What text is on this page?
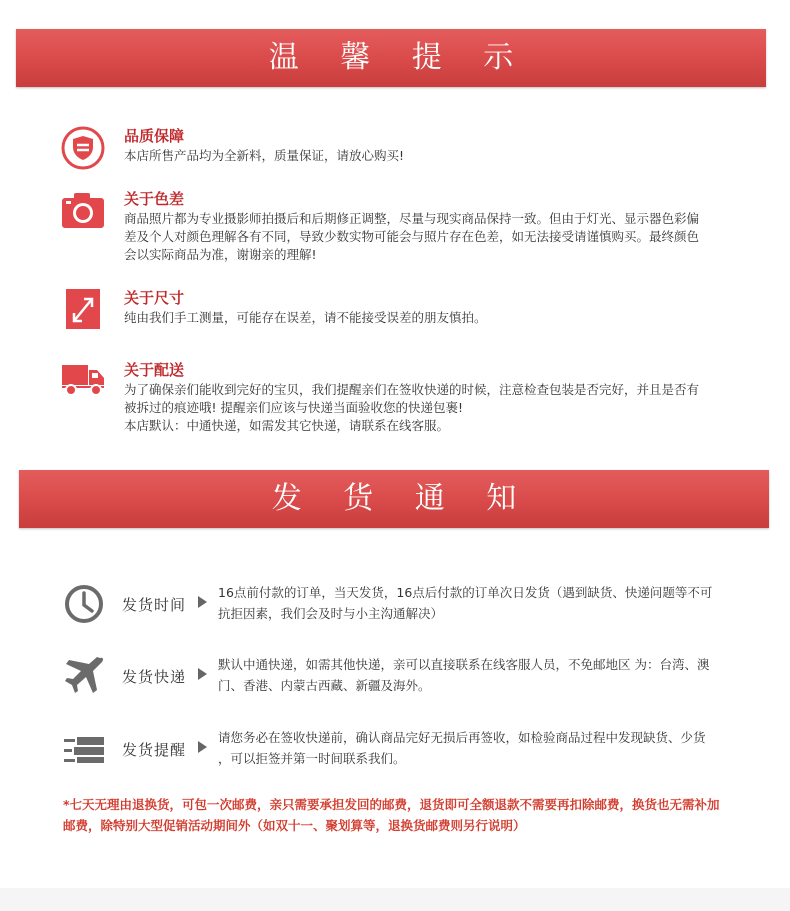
温 馨 提 示
品质保障
本店所售产品均为全新料，质量保证，请放心购买!
关于色差
商品照片都为专业摄影师拍摄后和后期修正调整，尽量与现实商品保持一致。但由于灯光、显示器色彩偏
差及个人对颜色理解各有不同，导致少数实物可能会与照片存在色差，如无法接受请谨慎购买。最终颜色
会以实际商品为准，谢谢亲的理解!
关于尺寸
纯由我们手工测量，可能存在误差，请不能接受误差的朋友慎拍。
关于配送
为了确保亲们能收到完好的宝贝，我们提醒亲们在签收快递的时候，注意检查包装是否完好，并且是否有
被拆过的痕迹哦! 提醒亲们应该与快递当面验收您的快递包裹!
本店默认：中通快递，如需发其它快递，请联系在线客服。
发 货 通 知
发货时间
16点前付款的订单，当天发货，16点后付款的订单次日发货（遇到缺货、快递问题等不可
抗拒因素，我们会及时与小主沟通解决）
发货快递
默认中通快递，如需其他快递，亲可以直接联系在线客服人员，不免邮地区 为：台湾、澳
门、香港、内蒙古西藏、新疆及海外。
发货提醒
请您务必在签收快递前，确认商品完好无损后再签收，如检验商品过程中发现缺货、少货
，可以拒签并第一时间联系我们。
*七天无理由退换货，可包一次邮费，亲只需要承担发回的邮费，退货即可全额退款不需要再扣除邮费，换货也无需补加
邮费，除特别大型促销活动期间外（如双十一、聚划算等，退换货邮费则另行说明）
